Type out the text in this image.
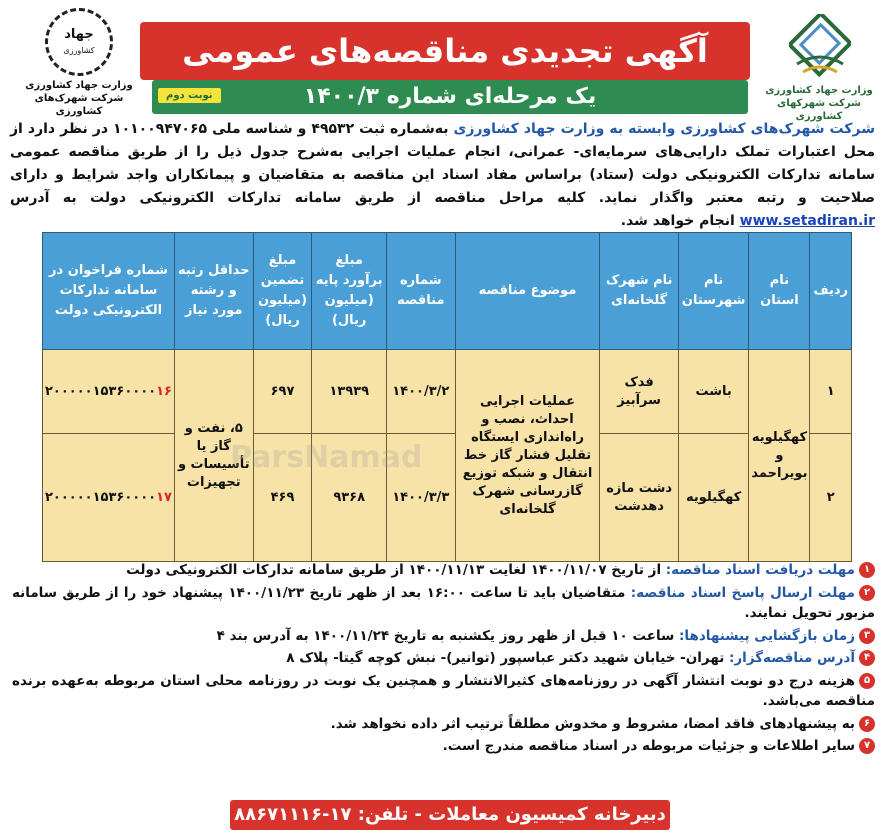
وزارت جهاد کشاورزی
شرکت شهرکهای کشاورزی
آگهی تجدیدی مناقصه‌های عمومی
یک مرحله‌ای شماره ۱۴۰۰/۳
نوبت دوم
جهاد
کشاورزی
وزارت جهاد کشاورزی
شرکت شهرک‌های کشاورزی
شرکت شهرک‌های کشاورزی وابسته به وزارت جهاد کشاورزی به‌شماره ثبت ۴۹۵۳۲ و شناسه ملی ۱۰۱۰۰۹۴۷۰۶۵ در نظر دارد از محل اعتبارات تملک دارایی‌های سرمایه‌ای- عمرانی، انجام عملیات اجرایی به‌شرح جدول ذیل را از طریق مناقصه عمومی سامانه تدارکات الکترونیکی دولت (ستاد) براساس مفاد اسناد این مناقصه به متقاضیان و پیمانکاران واجد شرایط و دارای صلاحیت و رتبه معتبر واگذار نماید. کلیه مراحل مناقصه از طریق سامانه تدارکات الکترونیکی دولت به آدرس www.setadiran.ir انجام خواهد شد.
ردیف	نام استان	نام شهرستان	نام شهرک گلخانه‌ای	موضوع مناقصه	شماره مناقصه	مبلغ برآورد پایه (میلیون ریال)	مبلغ تضمین (میلیون ریال)	حداقل رتبه و رشته مورد نیاز	شماره فراخوان در سامانه تدارکات الکترونیکی دولت
۱	کهگیلویه و بویراحمد	باشت	فدک سرآبیز	عملیات اجرایی احداث، نصب و راه‌اندازی ایستگاه تقلیل فشار گاز خط انتقال و شبکه توزیع گازرسانی شهرک گلخانه‌ای	۱۴۰۰/۳/۲	۱۳۹۳۹	۶۹۷	۵، نفت و گاز یا تأسیسات و تجهیزات	۲۰۰۰۰۰۱۵۳۶۰۰۰۰۱۶
۲		کهگیلویه	دشت مازه دهدشت		۱۴۰۰/۳/۳	۹۳۶۸	۴۶۹		۲۰۰۰۰۰۱۵۳۶۰۰۰۰۱۷
ParsNamad
۱مهلت دریافت اسناد مناقصه: از تاریخ ۱۴۰۰/۱۱/۰۷ لغایت ۱۴۰۰/۱۱/۱۳ از طریق سامانه تدارکات الکترونیکی دولت
۲مهلت ارسال پاسخ اسناد مناقصه: متقاضیان باید تا ساعت ۱۶:۰۰ بعد از ظهر تاریخ ۱۴۰۰/۱۱/۲۳ پیشنهاد خود را از طریق سامانه مزبور تحویل نمایند.
۳زمان بازگشایی پیشنهادها: ساعت ۱۰ قبل از ظهر روز یکشنبه به تاریخ ۱۴۰۰/۱۱/۲۴ به آدرس بند ۴
۴آدرس مناقصه‌گزار: تهران- خیابان شهید دکتر عباسپور (توانیر)- نبش کوچه گیتا- پلاک ۸
۵هزینه درج دو نوبت انتشار آگهی در روزنامه‌های کثیرالانتشار و همچنین یک نوبت در روزنامه محلی استان مربوطه به‌عهده برنده مناقصه می‌باشد.
۶به پیشنهادهای فاقد امضا، مشروط و مخدوش مطلقاً ترتیب اثر داده نخواهد شد.
۷سایر اطلاعات و جزئیات مربوطه در اسناد مناقصه مندرج است.
دبیرخانه کمیسیون معاملات - تلفن: ۱۷-۸۸۶۷۱۱۱۶
